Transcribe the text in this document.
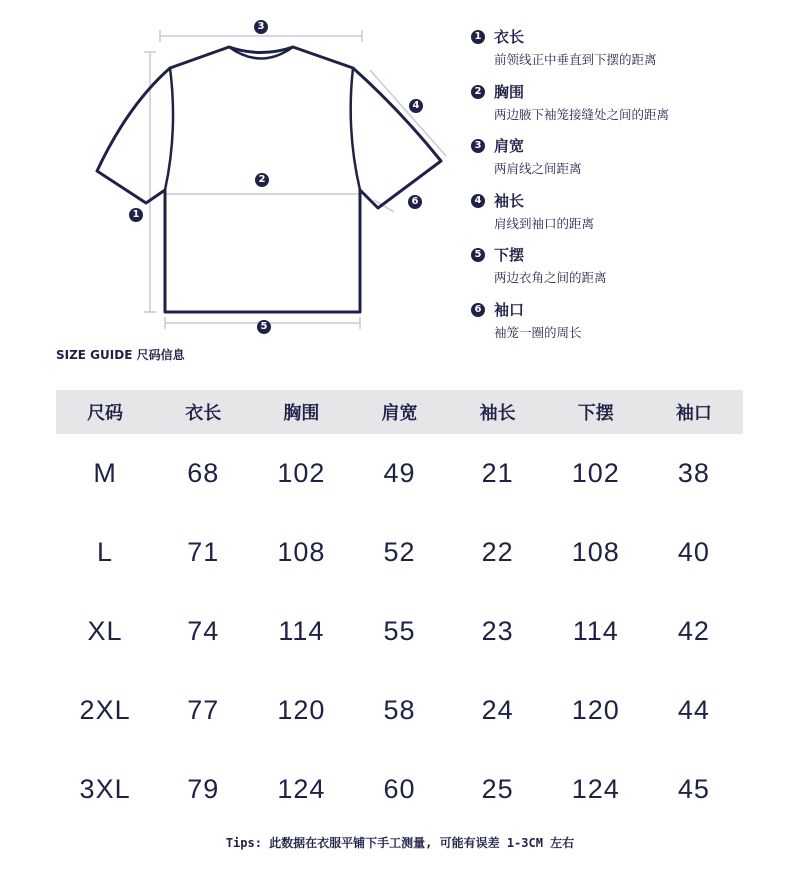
3
1
4
2
6
5
1 衣长
前领线正中垂直到下摆的距离
2 胸围
两边腋下袖笼接缝处之间的距离
3 肩宽
两肩线之间距离
4 袖长
肩线到袖口的距离
5 下摆
两边衣角之间的距离
6 袖口
袖笼一圈的周长
SIZE GUIDE 尺码信息
尺码	衣长	胸围	肩宽	袖长	下摆	袖口
M	68	102	49	21	102	38
L	71	108	52	22	108	40
XL	74	114	55	23	114	42
2XL	77	120	58	24	120	44
3XL	79	124	60	25	124	45
Tips: 此数据在衣服平铺下手工测量, 可能有误差 1-3CM 左右
